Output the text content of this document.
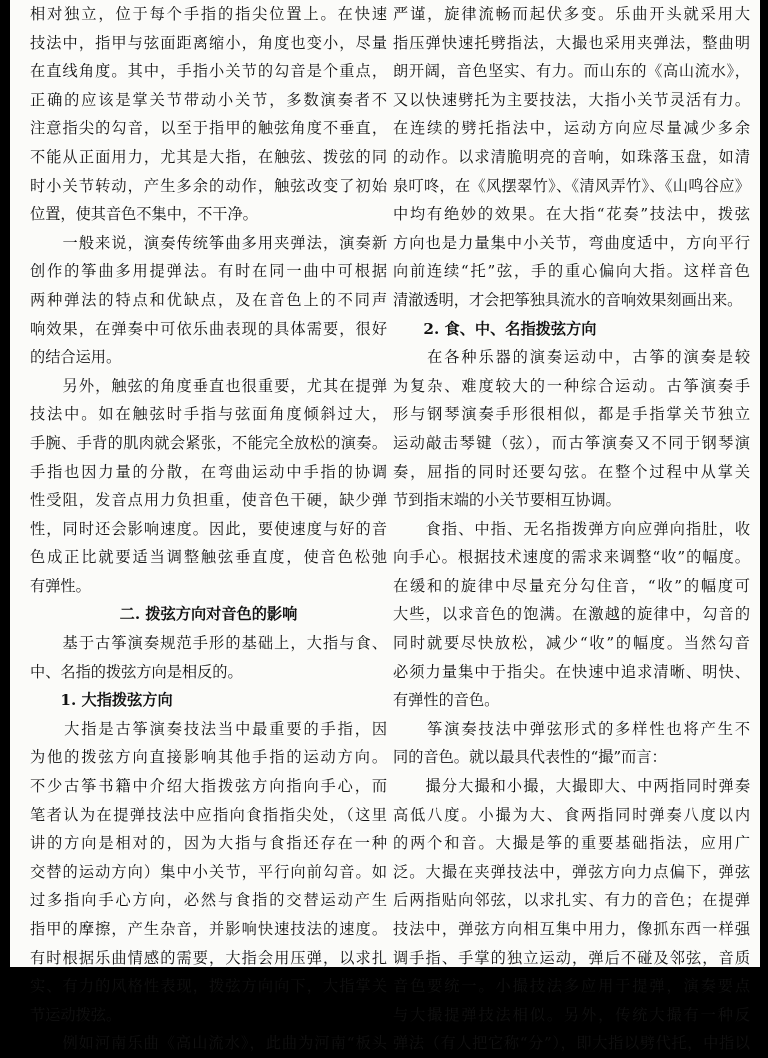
相对独立，位于每个手指的指尖位置上。在快速
技法中，指甲与弦面距离缩小，角度也变小，尽量
在直线角度。其中，手指小关节的勾音是个重点，
正确的应该是掌关节带动小关节，多数演奏者不
注意指尖的勾音，以至于指甲的触弦角度不垂直，
不能从正面用力，尤其是大指，在触弦、拨弦的同
时小关节转动，产生多余的动作，触弦改变了初始
位置，使其音色不集中，不干净。
　　一般来说，演奏传统筝曲多用夹弹法，演奏新
创作的筝曲多用提弹法。有时在同一曲中可根据
两种弹法的特点和优缺点，及在音色上的不同声
响效果，在弹奏中可依乐曲表现的具体需要，很好
的结合运用。
　　另外，触弦的角度垂直也很重要，尤其在提弹
技法中。如在触弦时手指与弦面角度倾斜过大，
手腕、手背的肌肉就会紧张，不能完全放松的演奏。
手指也因力量的分散，在弯曲运动中手指的协调
性受阻，发音点用力负担重，使音色干硬，缺少弹
性，同时还会影响速度。因此，要使速度与好的音
色成正比就要适当调整触弦垂直度，使音色松弛
有弹性。
二. 拨弦方向对音色的影响
　　基于古筝演奏规范手形的基础上，大指与食、
中、名指的拨弦方向是相反的。
　　1. 大指拨弦方向
　　大指是古筝演奏技法当中最重要的手指，因
为他的拨弦方向直接影响其他手指的运动方向。
不少古筝书籍中介绍大指拨弦方向指向手心，而
笔者认为在提弹技法中应指向食指指尖处，（这里
讲的方向是相对的，因为大指与食指还存在一种
交替的运动方向）集中小关节，平行向前勾音。如
过多指向手心方向，必然与食指的交替运动产生
指甲的摩擦，产生杂音，并影响快速技法的速度。
有时根据乐曲情感的需要，大指会用压弹，以求扎
实、有力的风格性表现，拨弦方向向下，大指掌关
节运动拨弦。
　　例如河南乐曲《高山流水》，此曲为河南“板头
严谨，旋律流畅而起伏多变。乐曲开头就采用大
指压弹快速托劈指法，大撮也采用夹弹法，整曲明
朗开阔，音色坚实、有力。而山东的《高山流水》，
又以快速劈托为主要技法，大指小关节灵活有力。
在连续的劈托指法中，运动方向应尽量减少多余
的动作。以求清脆明亮的音响，如珠落玉盘，如清
泉叮咚，在《风摆翠竹》、《清风弄竹》、《山鸣谷应》
中均有绝妙的效果。在大指“花奏”技法中，拨弦
方向也是力量集中小关节，弯曲度适中，方向平行
向前连续“托”弦，手的重心偏向大指。这样音色
清澈透明，才会把筝独具流水的音响效果刻画出来。
　　2. 食、中、名指拨弦方向
　　在各种乐器的演奏运动中，古筝的演奏是较
为复杂、难度较大的一种综合运动。古筝演奏手
形与钢琴演奏手形很相似，都是手指掌关节独立
运动敲击琴键（弦），而古筝演奏又不同于钢琴演
奏，屈指的同时还要勾弦。在整个过程中从掌关
节到指末端的小关节要相互协调。
　　食指、中指、无名指拨弹方向应弹向指肚，收
向手心。根据技术速度的需求来调整“收”的幅度。
在缓和的旋律中尽量充分勾住音，“收”的幅度可
大些，以求音色的饱满。在激越的旋律中，勾音的
同时就要尽快放松，减少“收”的幅度。当然勾音
必须力量集中于指尖。在快速中追求清晰、明快、
有弹性的音色。
　　筝演奏技法中弹弦形式的多样性也将产生不
同的音色。就以最具代表性的“撮”而言：
　　撮分大撮和小撮，大撮即大、中两指同时弹奏
高低八度。小撮为大、食两指同时弹奏八度以内
的两个和音。大撮是筝的重要基础指法，应用广
泛。大撮在夹弹技法中，弹弦方向力点偏下，弹弦
后两指贴向邻弦，以求扎实、有力的音色；在提弹
技法中，弹弦方向相互集中用力，像抓东西一样强
调手指、手掌的独立运动，弹后不碰及邻弦，音质
音色要统一。小撮技法多应用于提弹，演奏要点
与大撮提弹技法相似。另外，传统大撮有一种反
弹法（有人把它称“分”），即大指以劈代托，中指以
